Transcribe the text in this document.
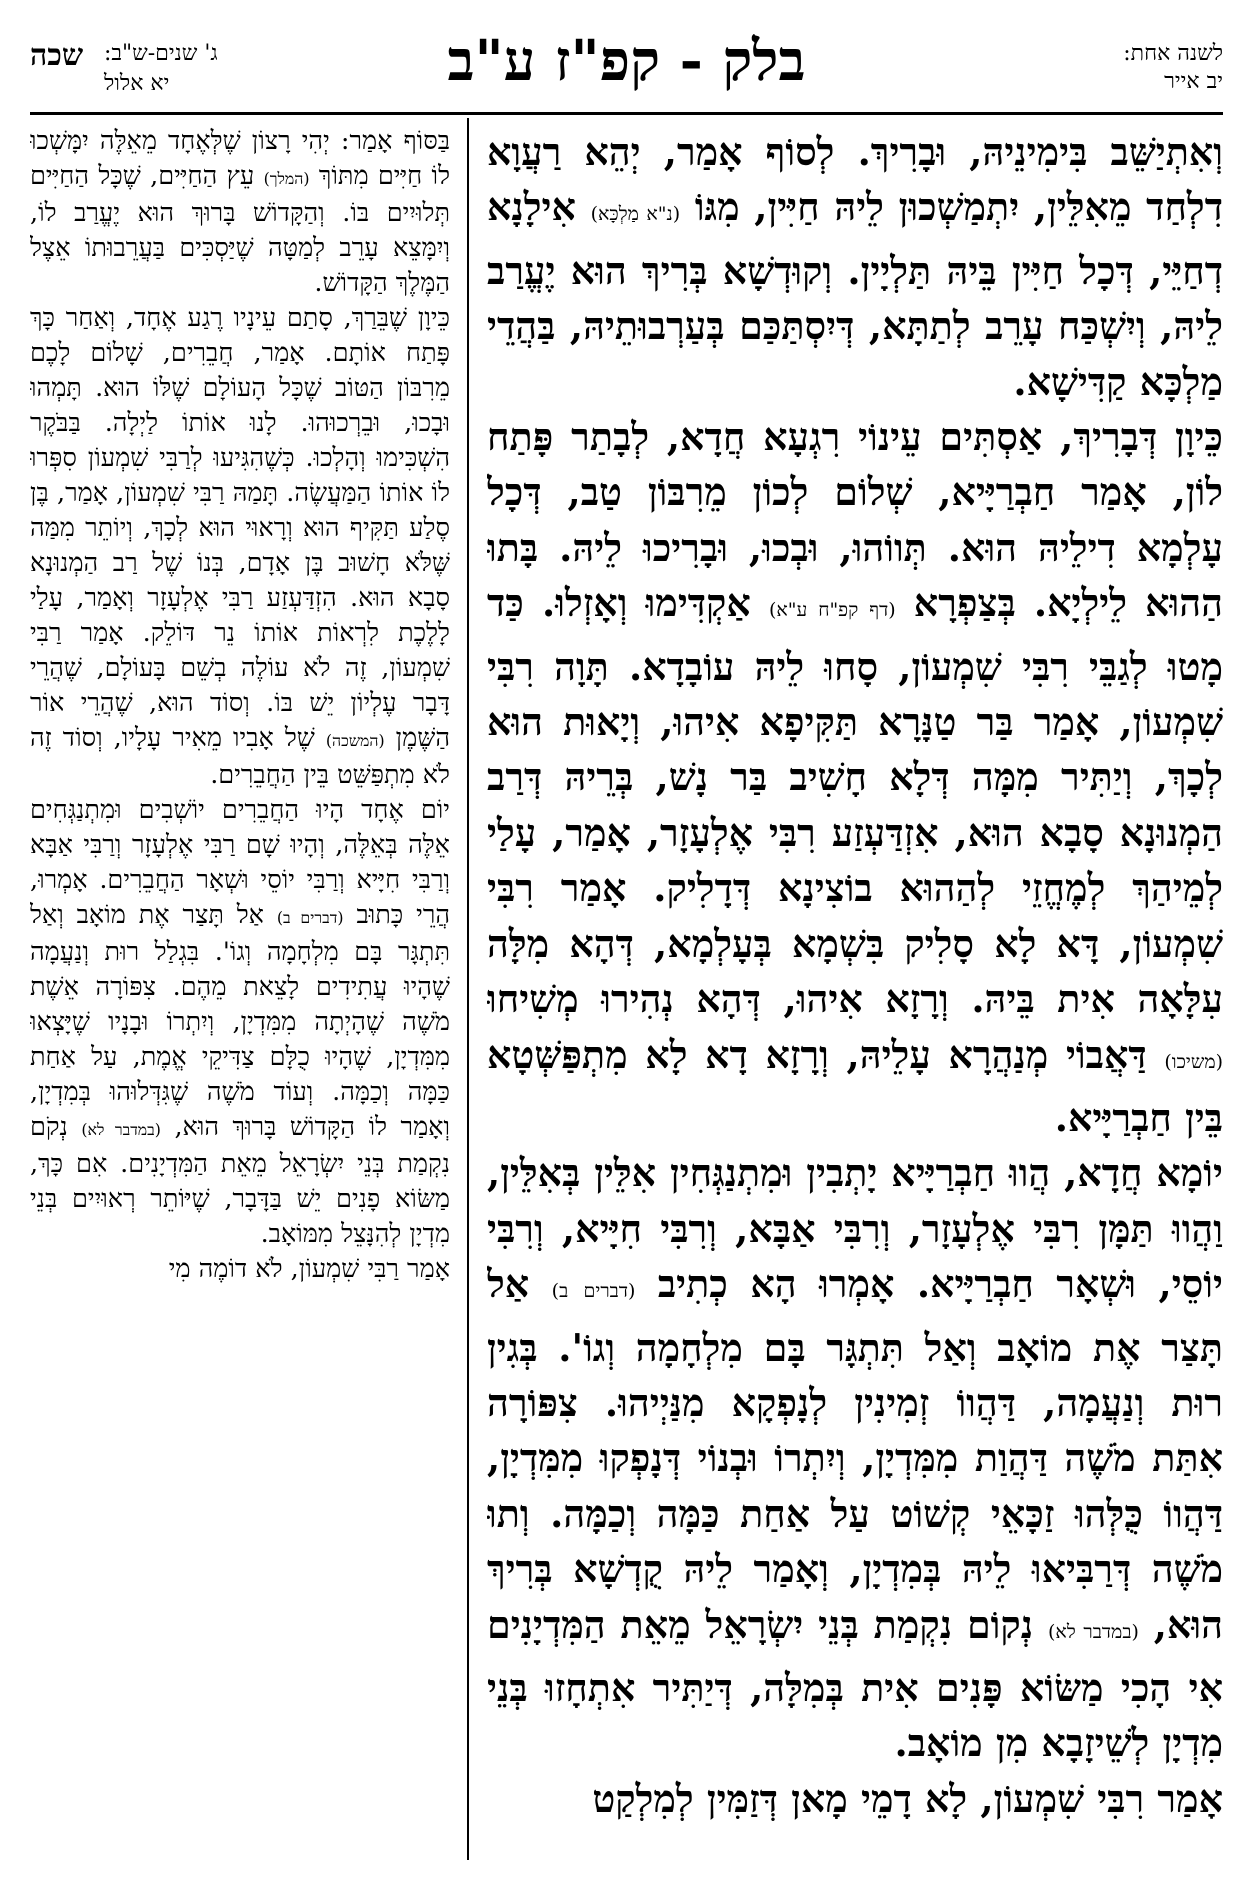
לשנה אחת:
יב אייר
בלק - קפ"ז ע"ב
שכה ג' שנים-ש"ב:
יא אלול

וְאִתְיַשֵּׁב בִּימִינֵיהּ, וּבָרִיךְ. לְסוֹף אָמַר, יְהֵא רַעֲוָא דִלְחַד מֵאִלֵּין, יִתְמַשְׁכוּן לֵיהּ חַיִּין, מִגּוֹ (נ"א מַלְכָּא) אִילָנָא דְחַיֵּי, דְּכָל חַיִּין בֵּיהּ תַּלְיָין. וְקוּדְשָׁא בְּרִיךְ הוּא יֶעֱרַב לֵיהּ, וְיִשְׁכַּח עָרֵב לְתַתָּא, דְּיִסְתַּכַּם בְּעַרְבוּתֵיהּ, בַּהֲדֵי מַלְכָּא קַדִּישָׁא.

כֵּיוָן דְּבָרִיךְ, אַסְתִּים עֵינוֹי רִגְעָא חֲדָא, לְבָתַר פָּתַח לוֹן, אָמַר חַבְרַיָּיא, שְׁלוֹם לְכוֹן מֵרִבּוֹן טַב, דְּכָל עָלְמָא דִילֵיהּ הוּא. תְּווֹהוּ, וּבְכוּ, וּבָרִיכוּ לֵיהּ. בָּתוּ הַהוּא לֵילְיָא. בְּצַפְרָא (דף קפ"ח ע"א) אַקְדִּימוּ וְאָזְלוּ. כַּד מָטוּ לְגַבֵּי רִבִּי שִׁמְעוֹן, סָחוּ לֵיהּ עוֹבָדָא. תָּוָה רִבִּי שִׁמְעוֹן, אָמַר בַּר טַנָּרָא תַּקִּיפָא אִיהוּ, וְיָאוּת הוּא לְכָךְ, וְיַתִּיר מִמָּה דְּלָא חָשִׁיב בַּר נָשׁ, בְּרֵיהּ דְּרַב הַמְנוּנָא סָבָא הוּא, אִזְדַּעְזַע רִבִּי אֶלְעָזָר, אָמַר, עָלַי לְמֵיהַךְ לְמֶחֱזֵי לְהַהוּא בוֹצִינָא דְּדָלִיק. אָמַר רִבִּי שִׁמְעוֹן, דָּא לָא סָלִיק בִּשְׁמָא בְּעָלְמָא, דְּהָא מִלָּה עִלָּאָה אִית בֵּיהּ. וְרָזָא אִיהוּ, דְּהָא נְהִירוּ מְשִׁיחוּ (משיכו) דַּאֲבוֹי מְנַהֲרָא עָלֵיהּ, וְרָזָא דָא לָא מִתְפַּשְּׁטָא בֵּין חַבְרַיָּיא.

יוֹמָא חֲדָא, הֲווּ חַבְרַיָּיא יָתְבִין וּמִתְנַגְּחִין אִלֵּין בְּאִלֵּין, וַהֲווּ תַּמָּן רִבִּי אֶלְעָזָר, וְרִבִּי אַבָּא, וְרִבִּי חִיָּיא, וְרִבִּי יוֹסֵי, וּשְׁאָר חַבְרַיָּיא. אָמְרוּ הָא כְתִיב (דברים ב) אַל תָּצַר אֶת מוֹאָב וְאַל תִּתְגָּר בָּם מִלְחָמָה וְגוֹ'. בְּגִין רוּת וְנַעֲמָה, דַּהֲווֹ זְמִינִין לְנָפְקָא מִנַּיְיהוּ. צִפּוֹרָה אִתַּת מֹשֶׁה דַּהֲוַת מִמִּדְיָן, וְיִתְרוֹ וּבְנוֹי דְּנָפְקוּ מִמִּדְיָן, דַּהֲווֹ כֻּלְּהוּ זַכָּאֵי קְשׁוֹט עַל אַחַת כַּמָּה וְכַמָּה. וְתוּ מֹשֶׁה דְּרַבִּיאוּ לֵיהּ בְּמִדְיָן, וְאָמַר לֵיהּ קֻדְשָׁא בְּרִיךְ הוּא, (במדבר לא) נְקוֹם נִקְמַת בְּנֵי יִשְׂרָאֵל מֵאֵת הַמִּדְיָנִים אִי הָכִי מַשּׂוֹא פָּנִים אִית בְּמִלָּה, דְּיַתִּיר אִתְחָזוּ בְּנֵי מִדְיָן לְשֵׁיזָבָא מִן מוֹאָב.

אָמַר רִבִּי שִׁמְעוֹן, לָא דָמֵי מָאן דְּזַמִּין לְמִלְקַט

בַּסּוֹף אָמַר: יְהִי רָצוֹן שֶׁלְּאֶחָד מֵאֵלֶּה יִמָּשְׁכוּ לוֹ חַיִּים מִתּוֹךְ (המלך) עֵץ הַחַיִּים, שֶׁכָּל הַחַיִּים תְּלוּיִים בּוֹ. וְהַקָּדוֹשׁ בָּרוּךְ הוּא יֶעֱרַב לוֹ, וְיִמָּצֵא עָרֵב לְמַטָּה שֶׁיַּסְכִּים בַּעֲרֵבוּתוֹ אֵצֶל הַמֶּלֶךְ הַקָּדוֹשׁ.

כֵּיוָן שֶׁבֵּרַךְ, סָתַם עֵינָיו רֶגַע אֶחָד, וְאַחַר כָּךְ פָּתַח אוֹתָם. אָמַר, חֲבֵרִים, שָׁלוֹם לָכֶם מֵרִבּוֹן הַטּוֹב שֶׁכָּל הָעוֹלָם שֶׁלּוֹ הוּא. תָּמְהוּ וּבָכוּ, וּבֵרְכוּהוּ. לָנוּ אוֹתוֹ לַיְלָה. בַּבֹּקֶר הִשְׁכִּימוּ וְהָלְכוּ. כְּשֶׁהִגִּיעוּ לְרַבִּי שִׁמְעוֹן סִפְּרוּ לוֹ אוֹתוֹ הַמַּעֲשֶׂה. תָּמַהּ רַבִּי שִׁמְעוֹן, אָמַר, בֶּן סֶלַע תַּקִּיף הוּא וְרָאוּי הוּא לְכָךְ, וְיוֹתֵר מִמַּה שֶּׁלֹּא חָשׁוּב בֶּן אָדָם, בְּנוֹ שֶׁל רַב הַמְנוּנָא סָבָא הוּא. הִזְדַּעְזַע רַבִּי אֶלְעָזָר וְאָמַר, עָלַי לָלֶכֶת לִרְאוֹת אוֹתוֹ נֵר דּוֹלֵק. אָמַר רַבִּי שִׁמְעוֹן, זֶה לֹא עוֹלֶה בְשֵׁם בָּעוֹלָם, שֶׁהֲרֵי דָּבָר עֶלְיוֹן יֵשׁ בּוֹ. וְסוֹד הוּא, שֶׁהֲרֵי אוֹר הַשֶּׁמֶן (המשכה) שֶׁל אָבִיו מֵאִיר עָלָיו, וְסוֹד זֶה לֹא מִתְפַּשֵּׁט בֵּין הַחֲבֵרִים.

יוֹם אֶחָד הָיוּ הַחֲבֵרִים יוֹשְׁבִים וּמִתְנַגְּחִים אֵלֶּה בְּאֵלֶּה, וְהָיוּ שָׁם רַבִּי אֶלְעָזָר וְרַבִּי אַבָּא וְרַבִּי חִיָּיא וְרַבִּי יוֹסֵי וּשְׁאָר הַחֲבֵרִים. אָמְרוּ, הֲרֵי כָּתוּב (דברים ב) אַל תָּצַר אֶת מוֹאָב וְאַל תִּתְגָּר בָּם מִלְחָמָה וְגוֹ'. בִּגְלַל רוּת וְנַעֲמָה שֶׁהָיוּ עֲתִידִים לָצֵאת מֵהֶם. צִפּוֹרָה אֵשֶׁת מֹשֶׁה שֶׁהָיְתָה מִמִּדְיָן, וְיִתְרוֹ וּבָנָיו שֶׁיָּצְאוּ מִמִּדְיָן, שֶׁהָיוּ כֻלָּם צַדִּיקֵי אֱמֶת, עַל אַחַת כַּמָּה וְכַמָּה. וְעוֹד מֹשֶׁה שֶׁגִּדְּלוּהוּ בְּמִדְיָן, וְאָמַר לוֹ הַקָּדוֹשׁ בָּרוּךְ הוּא, (במדבר לא) נְקֹם נִקְמַת בְּנֵי יִשְׂרָאֵל מֵאֵת הַמִּדְיָנִים. אִם כָּךְ, מַשּׂוֹא פָנִים יֵשׁ בַּדָּבָר, שֶׁיּוֹתֵר רְאוּיִים בְּנֵי מִדְיָן לְהִנָּצֵל מִמּוֹאָב.

אָמַר רַבִּי שִׁמְעוֹן, לֹא דוֹמֶה מִי
